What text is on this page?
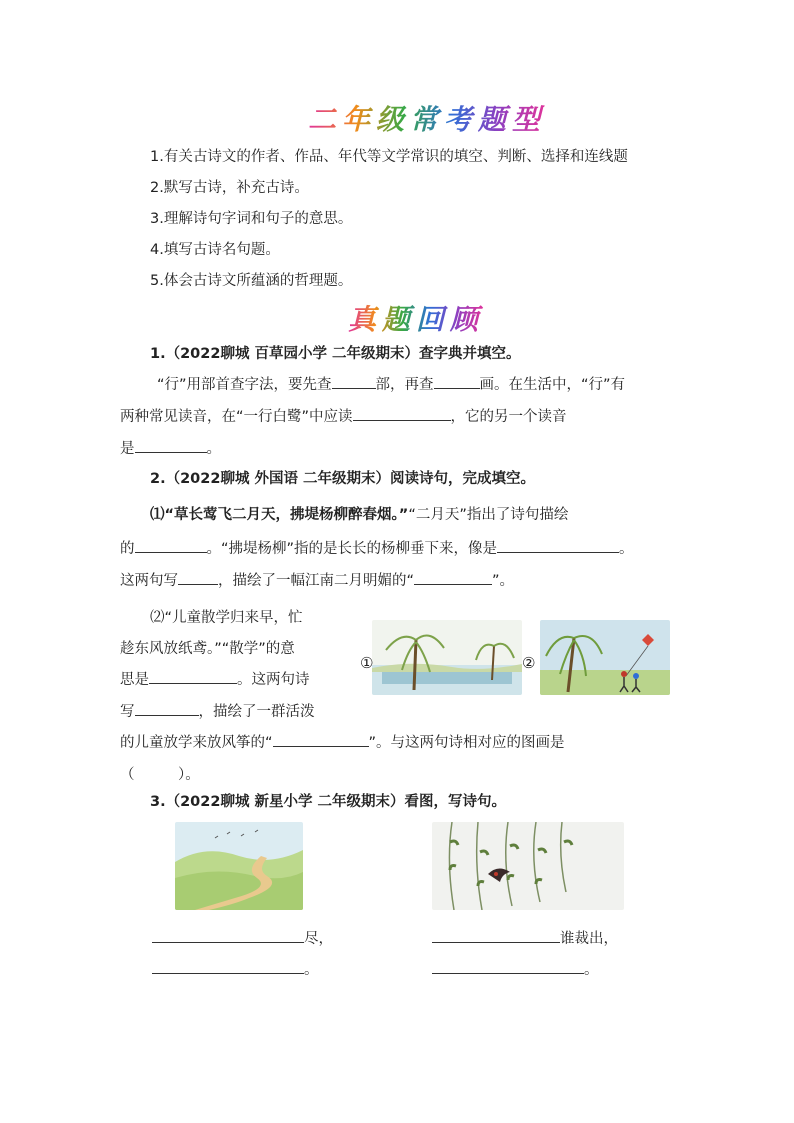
二年级常考题型
1.有关古诗文的作者、作品、年代等文学常识的填空、判断、选择和连线题
2.默写古诗，补充古诗。
3.理解诗句字词和句子的意思。
4.填写古诗名句题。
5.体会古诗文所蕴涵的哲理题。
真题回顾
1.（2022聊城 百草园小学 二年级期末）查字典并填空。
“行”用部首查字法，要先查	部，再查	画。在生活中，“行”有
两种常见读音，在“一行白鹭”中应读	，它的另一个读音
是	。
2.（2022聊城 外国语 二年级期末）阅读诗句，完成填空。
⑴“草长莺飞二月天，拂堤杨柳醉春烟。”“二月天”指出了诗句描绘
的	。“拂堤杨柳”指的是长长的杨柳垂下来，像是	。
这两句写	，描绘了一幅江南二月明媚的“	”。
⑵“儿童散学归来早，忙
趁东风放纸鸢。”“散学”的意
思是	。这两句诗
写	，描绘了一群活泼
的儿童放学来放风筝的“	”。与这两句诗相对应的图画是
（　　　）。
①	②
3.（2022聊城 新星小学 二年级期末）看图，写诗句。
尽，	谁裁出，
。	。
